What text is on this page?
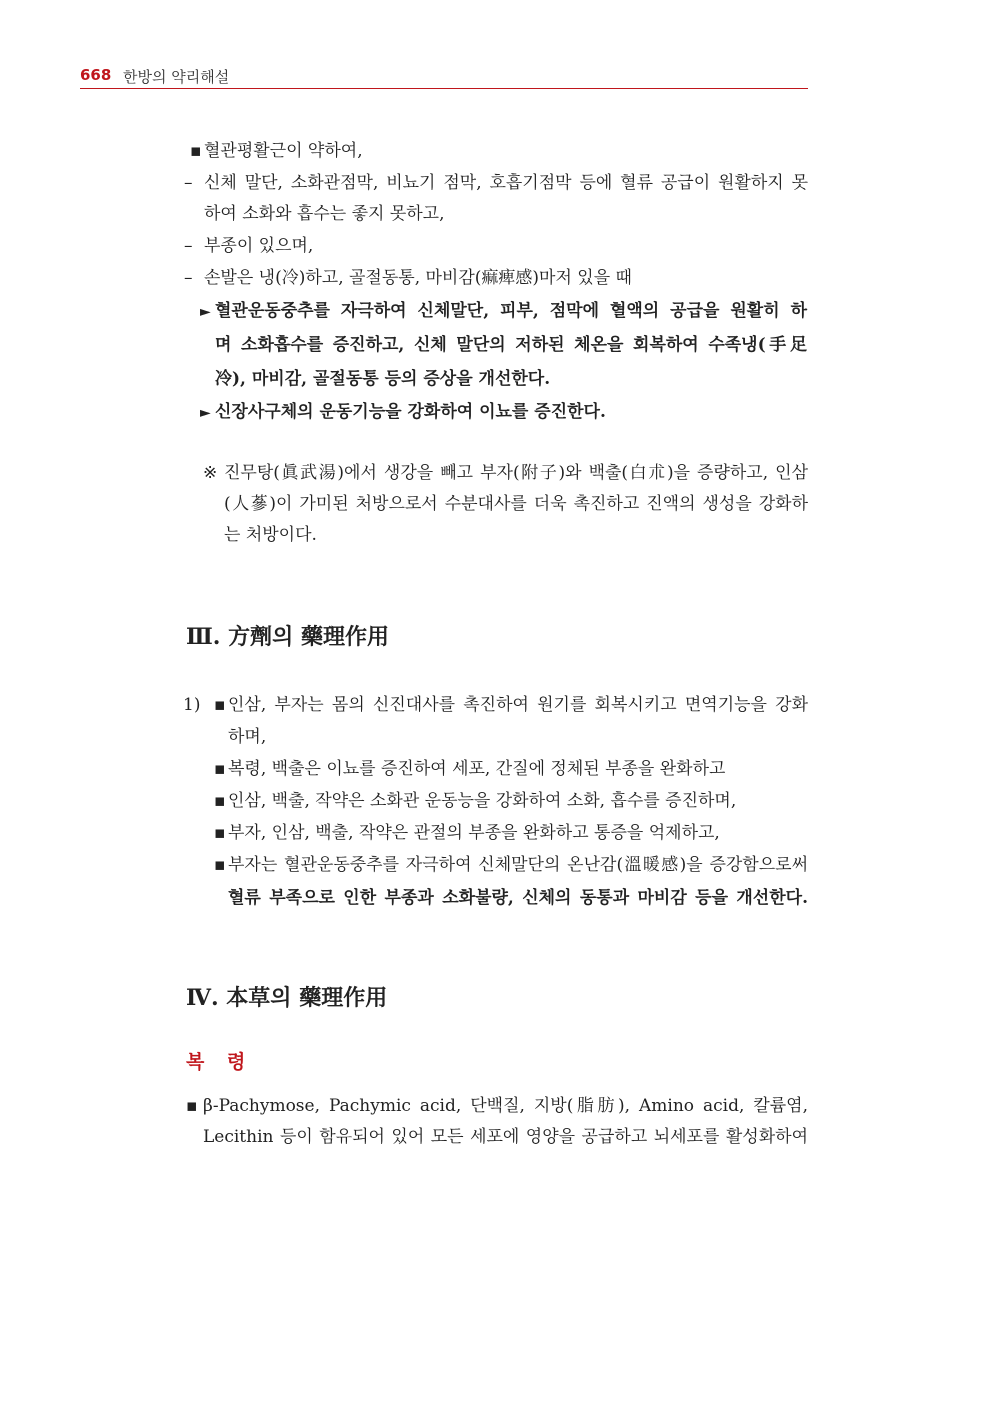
668 한방의 약리해설
▪ 혈관평활근이 약하여,
– 신체 말단, 소화관점막, 비뇨기 점막, 호흡기점막 등에 혈류 공급이 원활하지 못
하여 소화와 흡수는 좋지 못하고,
– 부종이 있으며,
– 손발은 냉(冷)하고, 골절동통, 마비감(痲痺感)마저 있을 때
► 혈관운동중추를 자극하여 신체말단, 피부, 점막에 혈액의 공급을 원활히 하
며 소화흡수를 증진하고, 신체 말단의 저하된 체온을 회복하여 수족냉(手足
冷), 마비감, 골절동통 등의 증상을 개선한다.
► 신장사구체의 운동기능을 강화하여 이뇨를 증진한다.
※ 진무탕(眞武湯)에서 생강을 빼고 부자(附子)와 백출(白朮)을 증량하고, 인삼
(人蔘)이 가미된 처방으로서 수분대사를 더욱 촉진하고 진액의 생성을 강화하
는 처방이다.
Ⅲ. 方劑의 藥理作用
1) ▪ 인삼, 부자는 몸의 신진대사를 촉진하여 원기를 회복시키고 면역기능을 강화
하며,
▪ 복령, 백출은 이뇨를 증진하여 세포, 간질에 정체된 부종을 완화하고
▪ 인삼, 백출, 작약은 소화관 운동능을 강화하여 소화, 흡수를 증진하며,
▪ 부자, 인삼, 백출, 작약은 관절의 부종을 완화하고 통증을 억제하고,
▪ 부자는 혈관운동중추를 자극하여 신체말단의 온난감(溫暖感)을 증강함으로써
혈류 부족으로 인한 부종과 소화불량, 신체의 동통과 마비감 등을 개선한다.
Ⅳ. 本草의 藥理作用
복 령
▪ β-Pachymose, Pachymic acid, 단백질, 지방(脂肪), Amino acid, 칼륨염,
Lecithin 등이 함유되어 있어 모든 세포에 영양을 공급하고 뇌세포를 활성화하여
